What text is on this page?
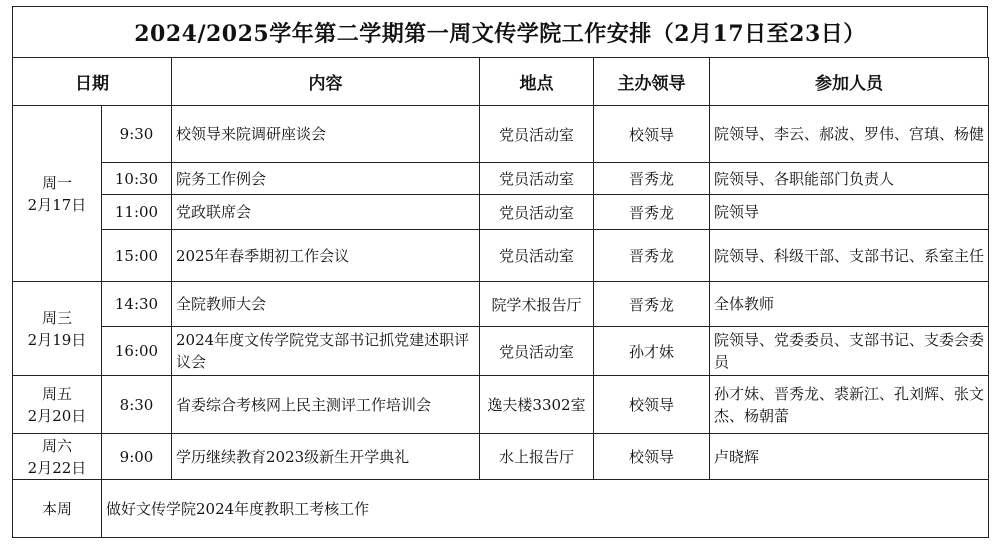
2024/2025学年第二学期第一周文传学院工作安排（2月17日至23日）
日期		内容	地点	主办领导	参加人员

周一
2月17日	9:30	校领导来院调研座谈会	党员活动室	校领导	院领导、李云、郝波、罗伟、宫瑱、杨健
	10:30	院务工作例会	党员活动室	晋秀龙	院领导、各职能部门负责人
	11:00	党政联席会	党员活动室	晋秀龙	院领导
	15:00	2025年春季期初工作会议	党员活动室	晋秀龙	院领导、科级干部、支部书记、系室主任

周三
2月19日	14:30	全院教师大会	院学术报告厅	晋秀龙	全体教师
	16:00	2024年度文传学院党支部书记抓党建述职评议会	党员活动室	孙才妹	院领导、党委委员、支部书记、支委会委员

周五
2月20日	8:30	省委综合考核网上民主测评工作培训会	逸夫楼3302室	校领导	孙才妹、晋秀龙、裘新江、孔刘辉、张文杰、杨朝蕾

周六
2月22日	9:00	学历继续教育2023级新生开学典礼	水上报告厅	校领导	卢晓辉
本周	做好文传学院2024年度教职工考核工作				
